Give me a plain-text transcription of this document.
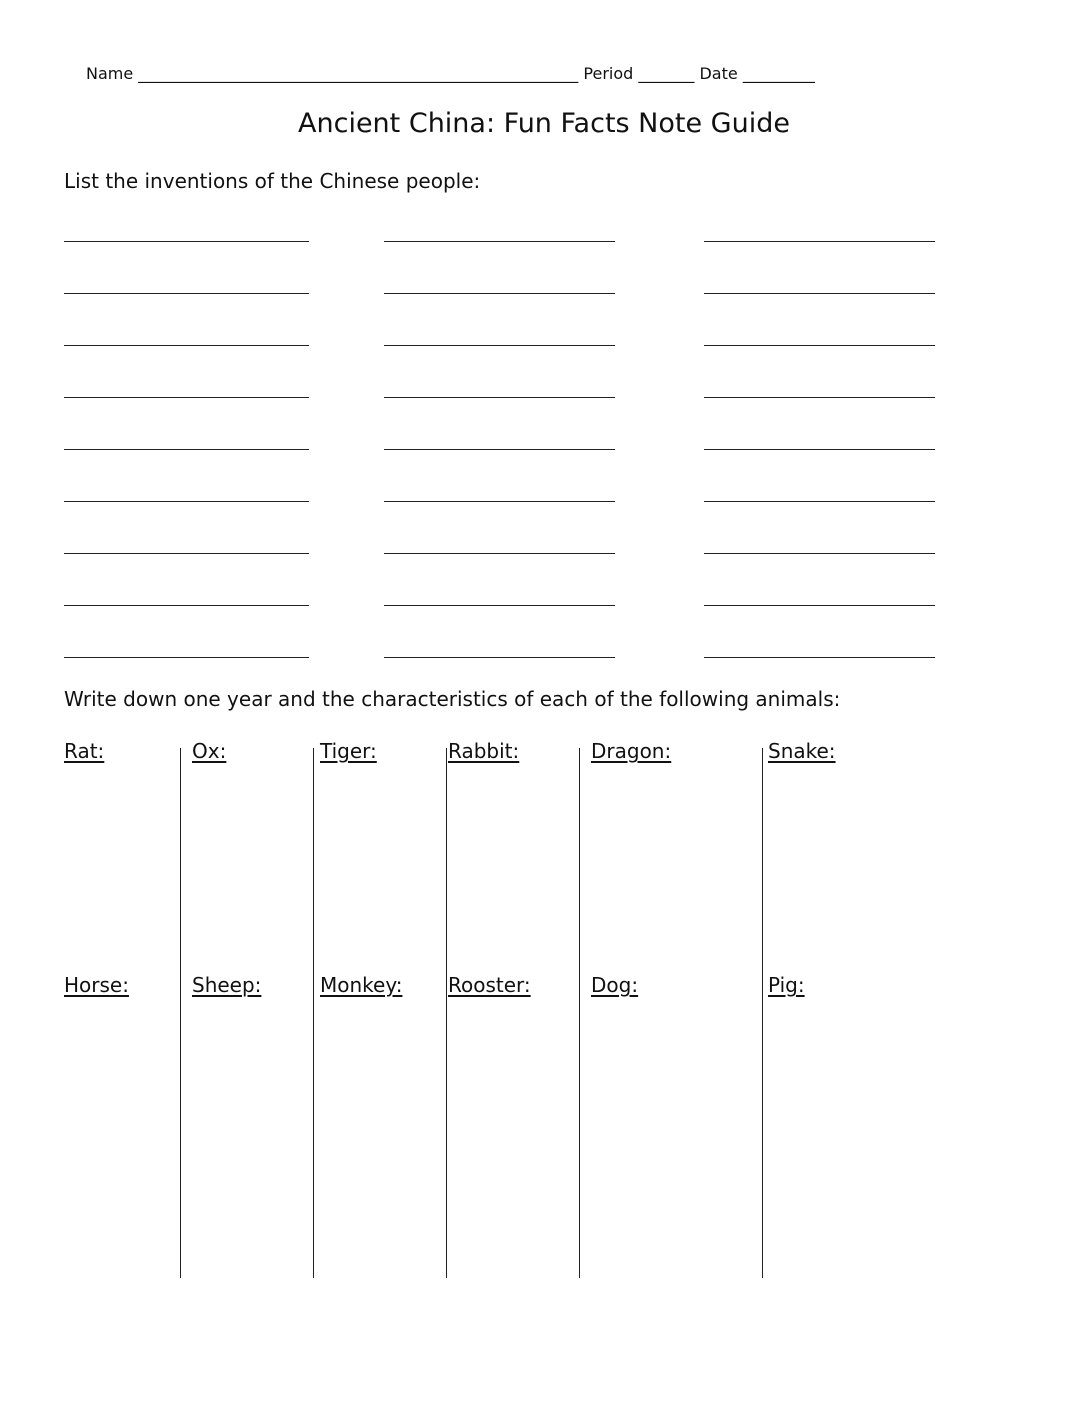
Name _______________________________________________________ Period _______ Date _________
Ancient China: Fun Facts Note Guide
List the inventions of the Chinese people:
Write down one year and the characteristics of each of the following animals:
Rat:	Ox:	Tiger:	Rabbit:	Dragon:	Snake:
Horse:	Sheep:	Monkey: Rooster:	Dog:	Pig:
